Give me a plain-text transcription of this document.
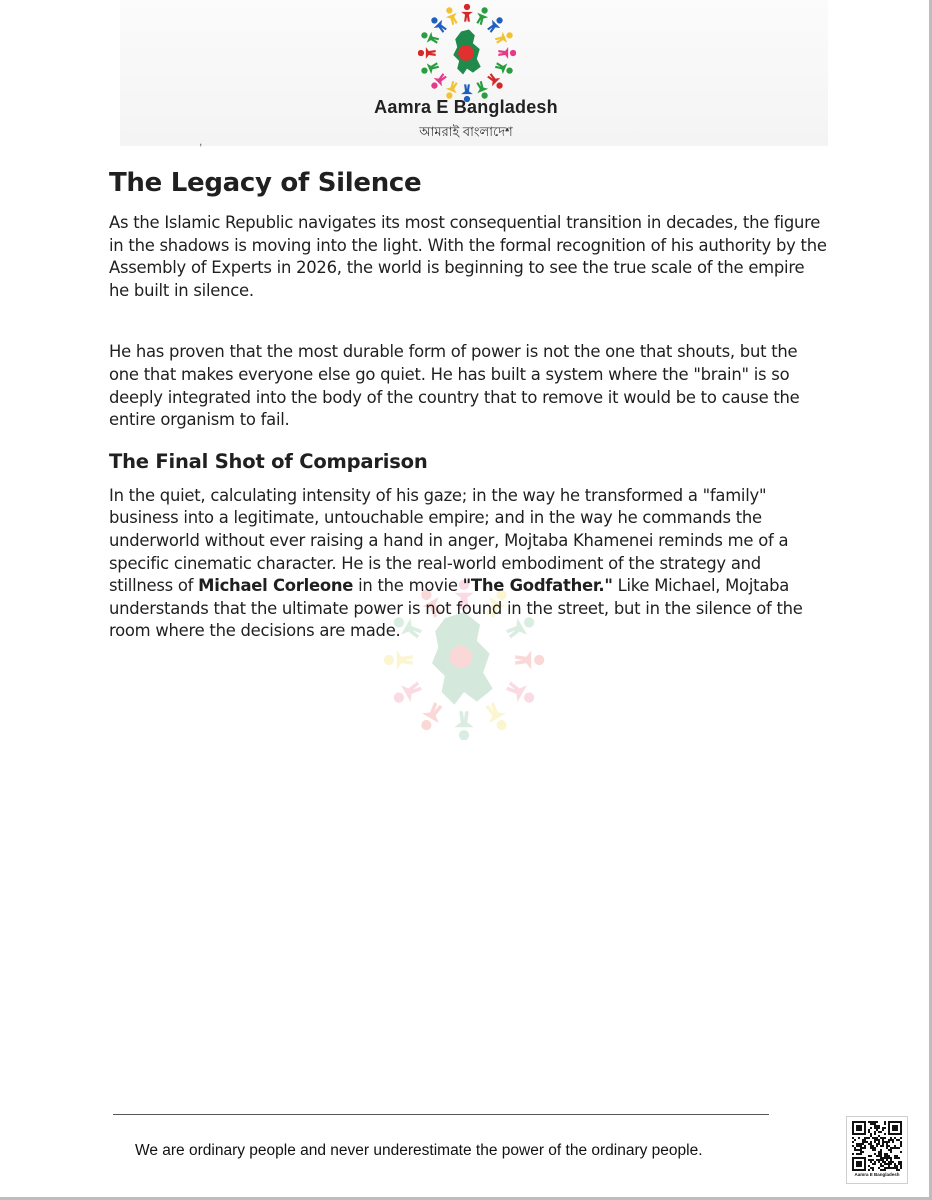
Aamra E Bangladesh
আমরাই বাংলাদেশ
,
The Legacy of Silence

As the Islamic Republic navigates its most consequential transition in decades, the figure in the shadows is moving into the light. With the formal recognition of his authority by the Assembly of Experts in 2026, the world is beginning to see the true scale of the empire he built in silence.

He has proven that the most durable form of power is not the one that shouts, but the one that makes everyone else go quiet. He has built a system where the "brain" is so deeply integrated into the body of the country that to remove it would be to cause the entire organism to fail.

The Final Shot of Comparison

In the quiet, calculating intensity of his gaze; in the way he transformed a "family" business into a legitimate, untouchable empire; and in the way he commands the underworld without ever raising a hand in anger, Mojtaba Khamenei reminds me of a specific cinematic character. He is the real-world embodiment of the strategy and stillness of Michael Corleone in the movie "The Godfather." Like Michael, Mojtaba understands that the ultimate power is not found in the street, but in the silence of the room where the decisions are made.

We are ordinary people and never underestimate the power of the ordinary people.
Aamra E Bangladesh
